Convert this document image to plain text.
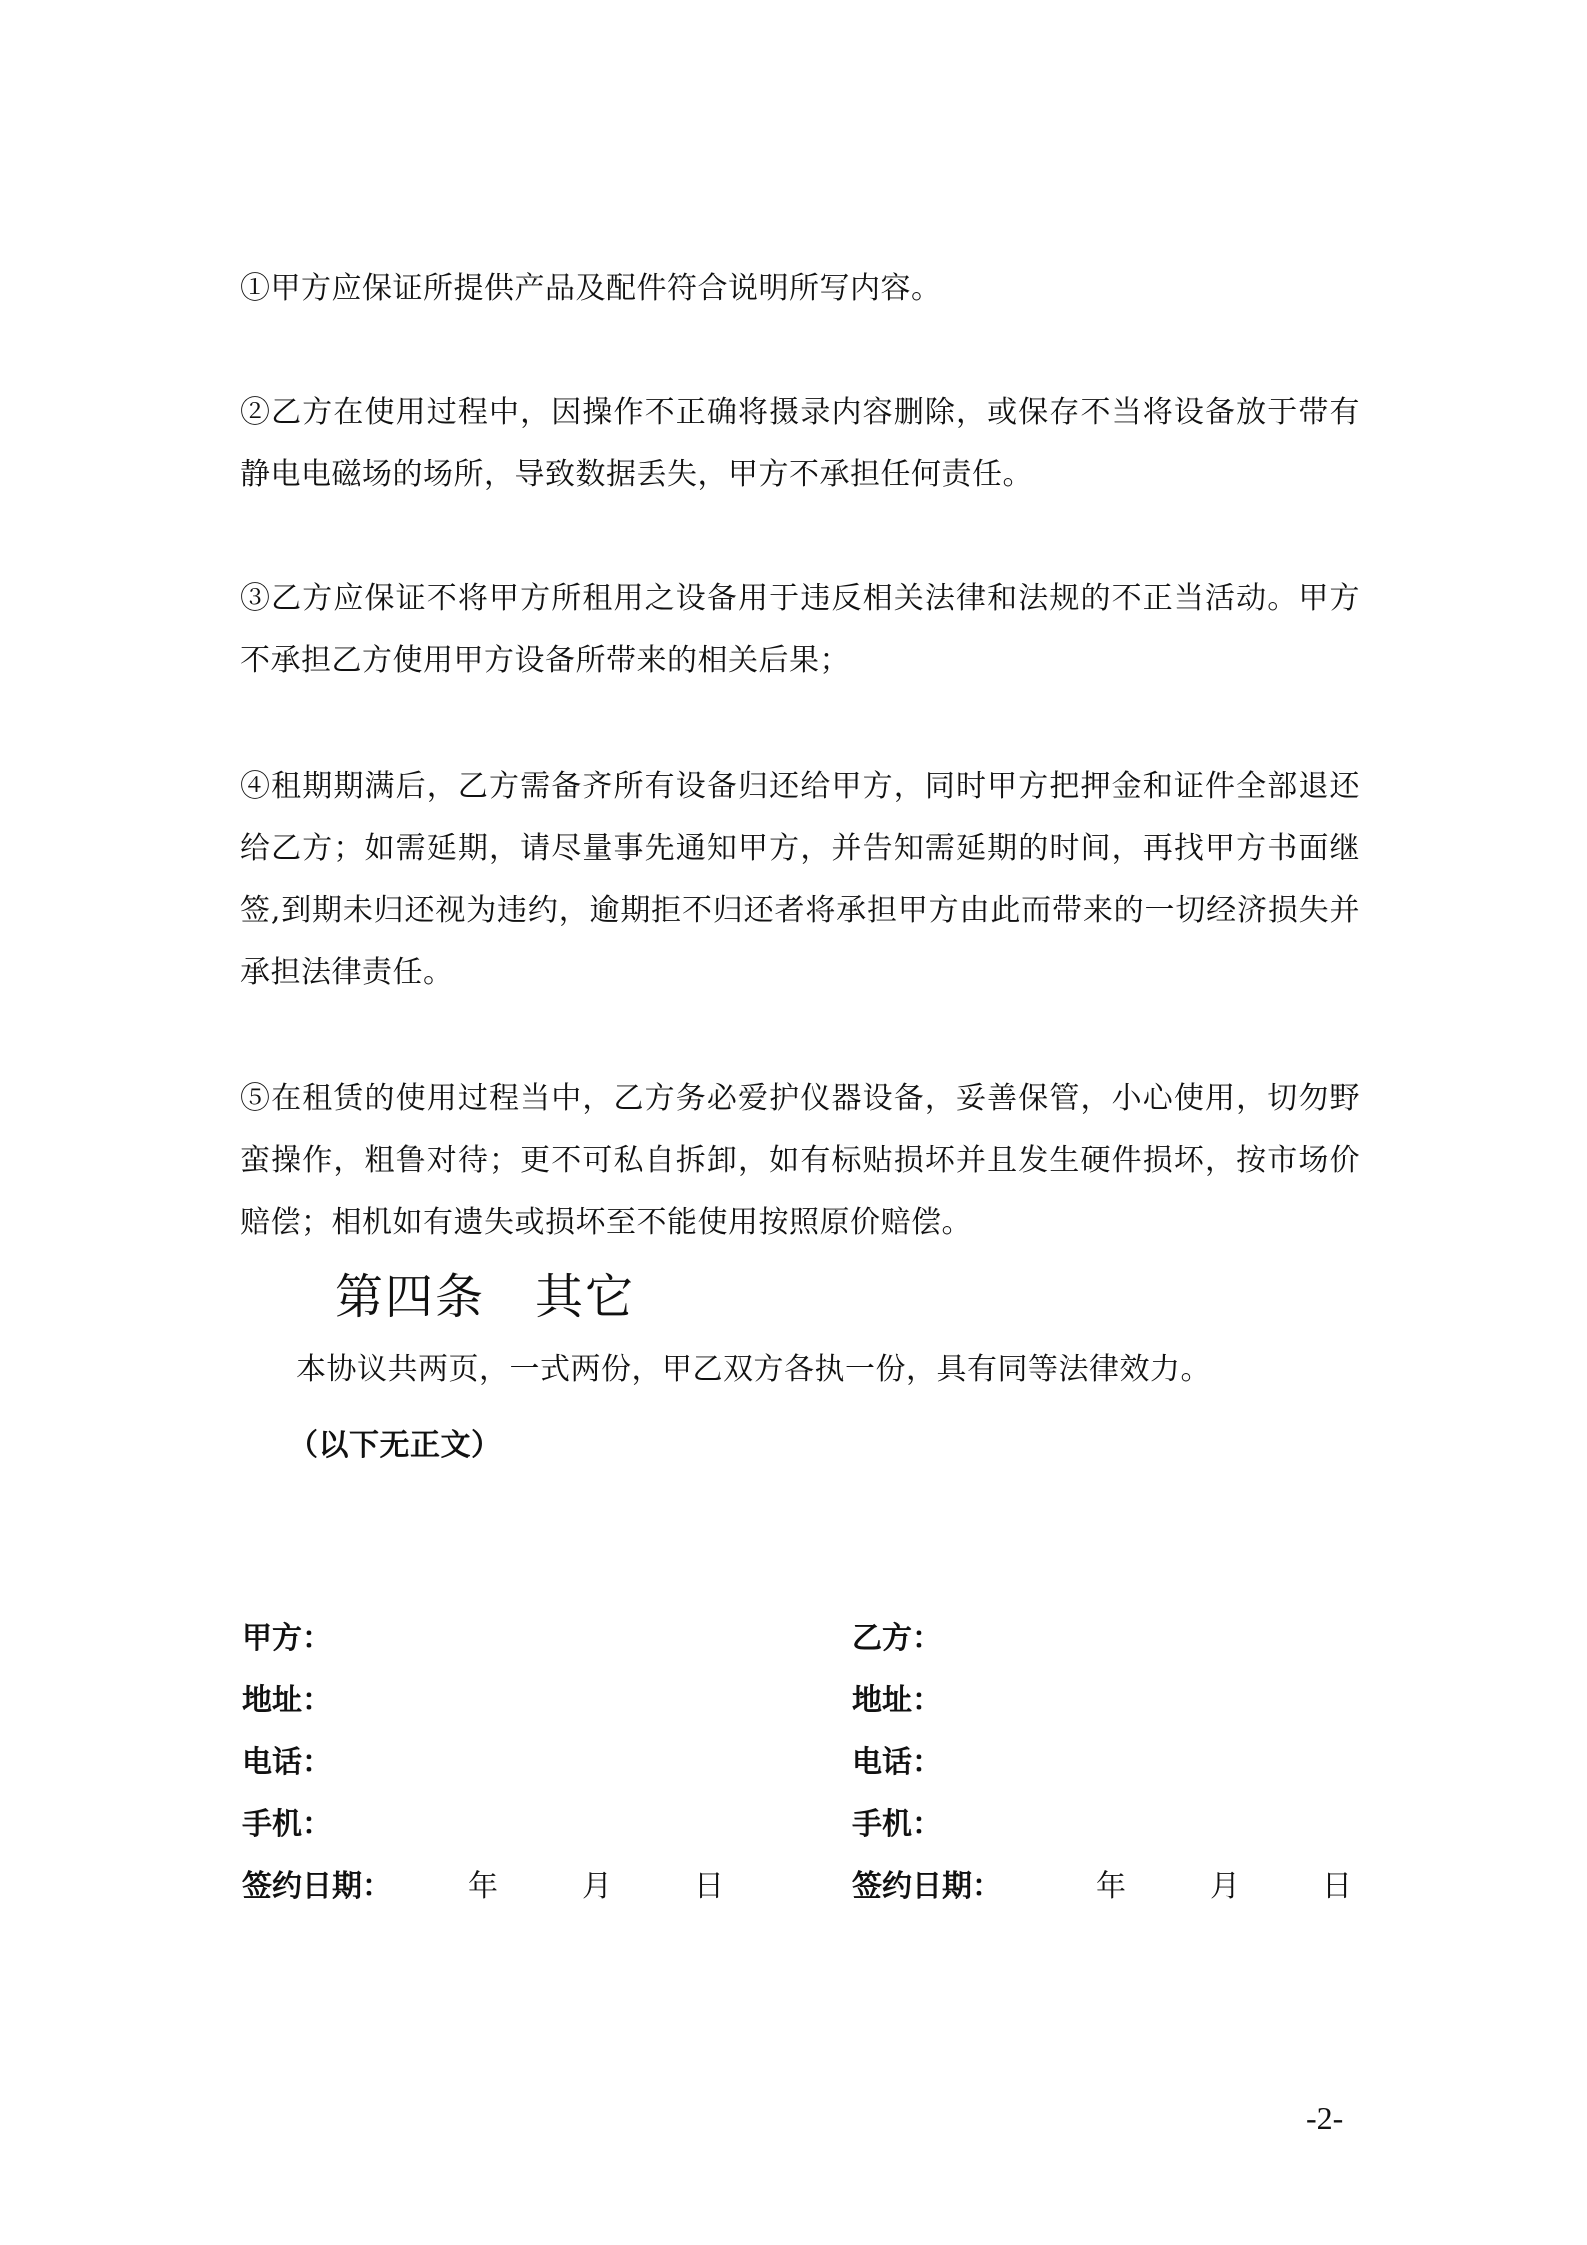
①甲方应保证所提供产品及配件符合说明所写内容。

②乙方在使用过程中，因操作不正确将摄录内容删除，或保存不当将设备放于带有静电电磁场的场所，导致数据丢失，甲方不承担任何责任。

③乙方应保证不将甲方所租用之设备用于违反相关法律和法规的不正当活动。甲方不承担乙方使用甲方设备所带来的相关后果；

④租期期满后，乙方需备齐所有设备归还给甲方，同时甲方把押金和证件全部退还给乙方；如需延期，请尽量事先通知甲方，并告知需延期的时间，再找甲方书面继签,到期未归还视为违约，逾期拒不归还者将承担甲方由此而带来的一切经济损失并承担法律责任。

⑤在租赁的使用过程当中，乙方务必爱护仪器设备，妥善保管，小心使用，切勿野蛮操作，粗鲁对待；更不可私自拆卸，如有标贴损坏并且发生硬件损坏，按市场价赔偿；相机如有遗失或损坏至不能使用按照原价赔偿。

第四条　其它

本协议共两页，一式两份，甲乙双方各执一份，具有同等法律效力。

（以下无正文）

甲方：
地址：
电话：
手机：
签约日期：	年	月	日
乙方：
地址：
电话：
手机：
签约日期：	年	月	日
-2-
